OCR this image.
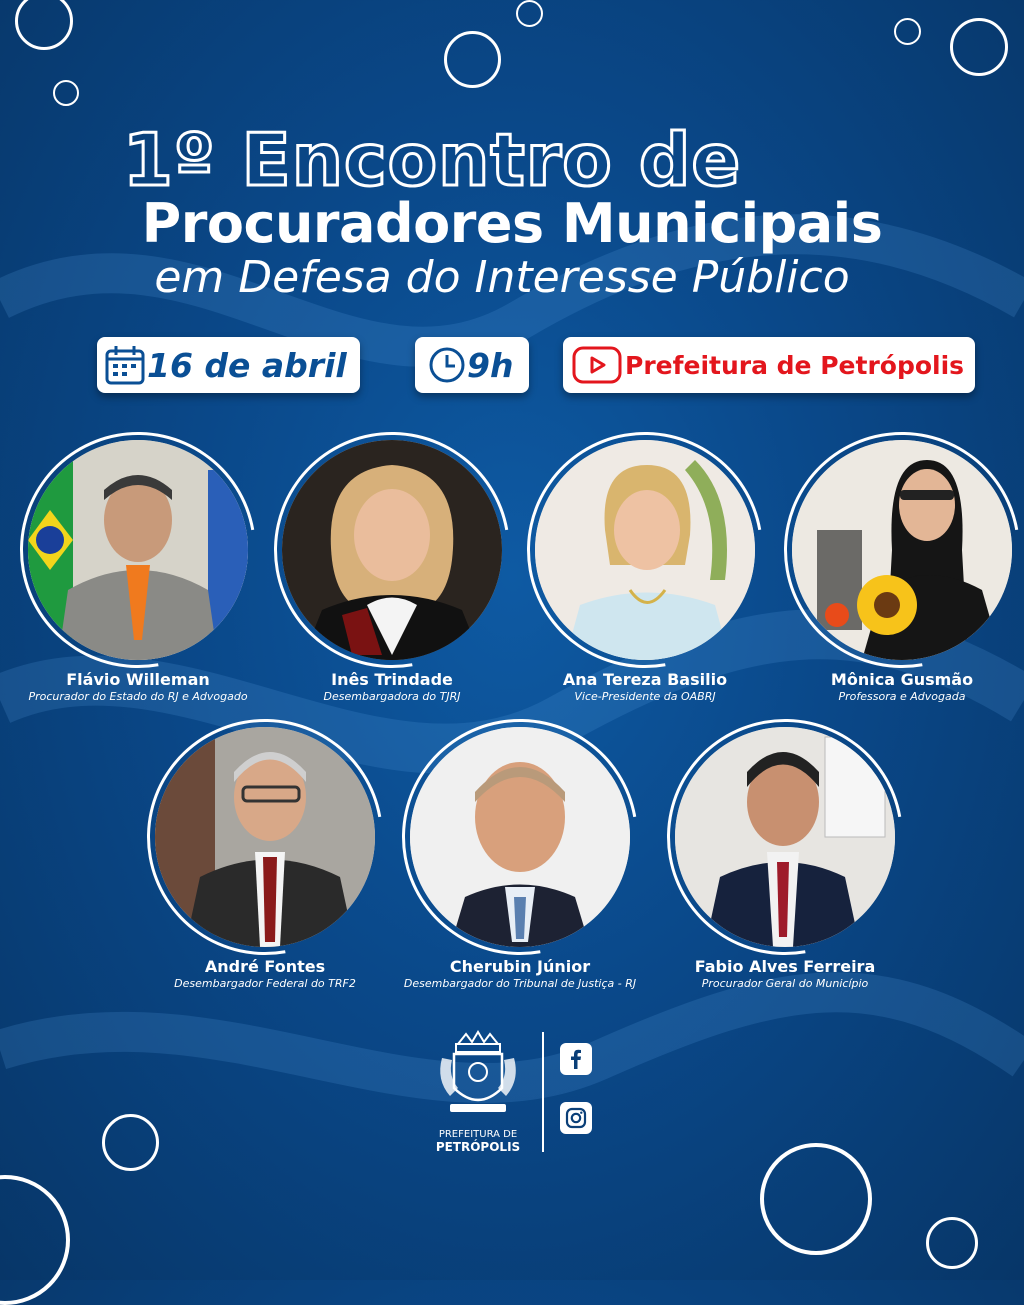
1º Encontro de
Procuradores Municipais
em Defesa do Interesse Público
16 de abril	9h	Prefeitura de Petrópolis
Flávio Willeman
Procurador do Estado do RJ e Advogado
Inês Trindade
Desembargadora do TJRJ
Ana Tereza Basilio
Vice-Presidente da OABRJ
Mônica Gusmão
Professora e Advogada
André Fontes
Desembargador Federal do TRF2
Cherubin Júnior
Desembargador do Tribunal de Justiça - RJ
Fabio Alves Ferreira
Procurador Geral do Município
PREFEITURA DE
PETRÓPOLIS
